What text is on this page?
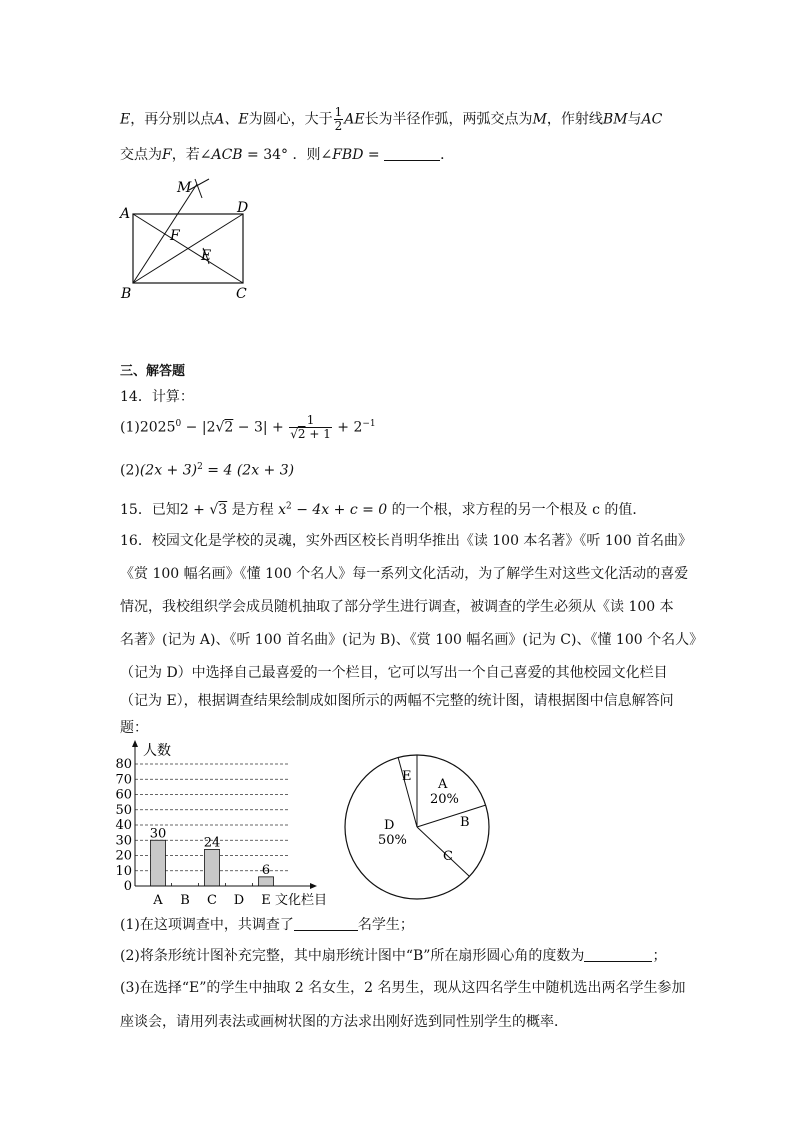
E，再分别以点A、E为圆心，大于 $\frac{1}{2}$ AE长为半径作弧，两弧交点为M，作射线BM与AC
交点为F，若∠ACB = 34° ．则∠FBD =	．
M
A	D
F
E
B	C
三、解答题
14．计算：
$(1)2025^0 - |2√2 - 3| + \frac{1}{√2 + 1} + 2^{-1}$
$(2)(2x + 3)^2 = 4$ (2x + 3)
15．已知2 + √3 是方程 $x^2 - 4x + c = 0$ 的一个根，求方程的另一个根及 c 的值．
16．校园文化是学校的灵魂，实外西区校长肖明华推出《读 100 本名著》《听 100 首名曲》
《赏 100 幅名画》《懂 100 个名人》每一系列文化活动，为了解学生对这些文化活动的喜爱
情况，我校组织学会成员随机抽取了部分学生进行调查，被调查的学生必须从《读 100 本
名著》(记为 A)、《听 100 首名曲》(记为 B)、《赏 100 幅名画》(记为 C)、《懂 100 个名人》
（记为 D）中选择自己最喜爱的一个栏目，它可以写出一个自己喜爱的其他校园文化栏目
（记为 E），根据调查结果绘制成如图所示的两幅不完整的统计图，请根据图中信息解答问
题：
0
10
20
30
40
50
60
70
80
30
24
6
A B C D E
人数
文化栏目
E
A
20%
B
C
D
50%
(1)在这项调查中，共调查了	名学生；
(2)将条形统计图补充完整，其中扇形统计图中“B”所在扇形圆心角的度数为	；
(3)在选择“E”的学生中抽取 2 名女生，2 名男生，现从这四名学生中随机选出两名学生参加
座谈会，请用列表法或画树状图的方法求出刚好选到同性别学生的概率．
